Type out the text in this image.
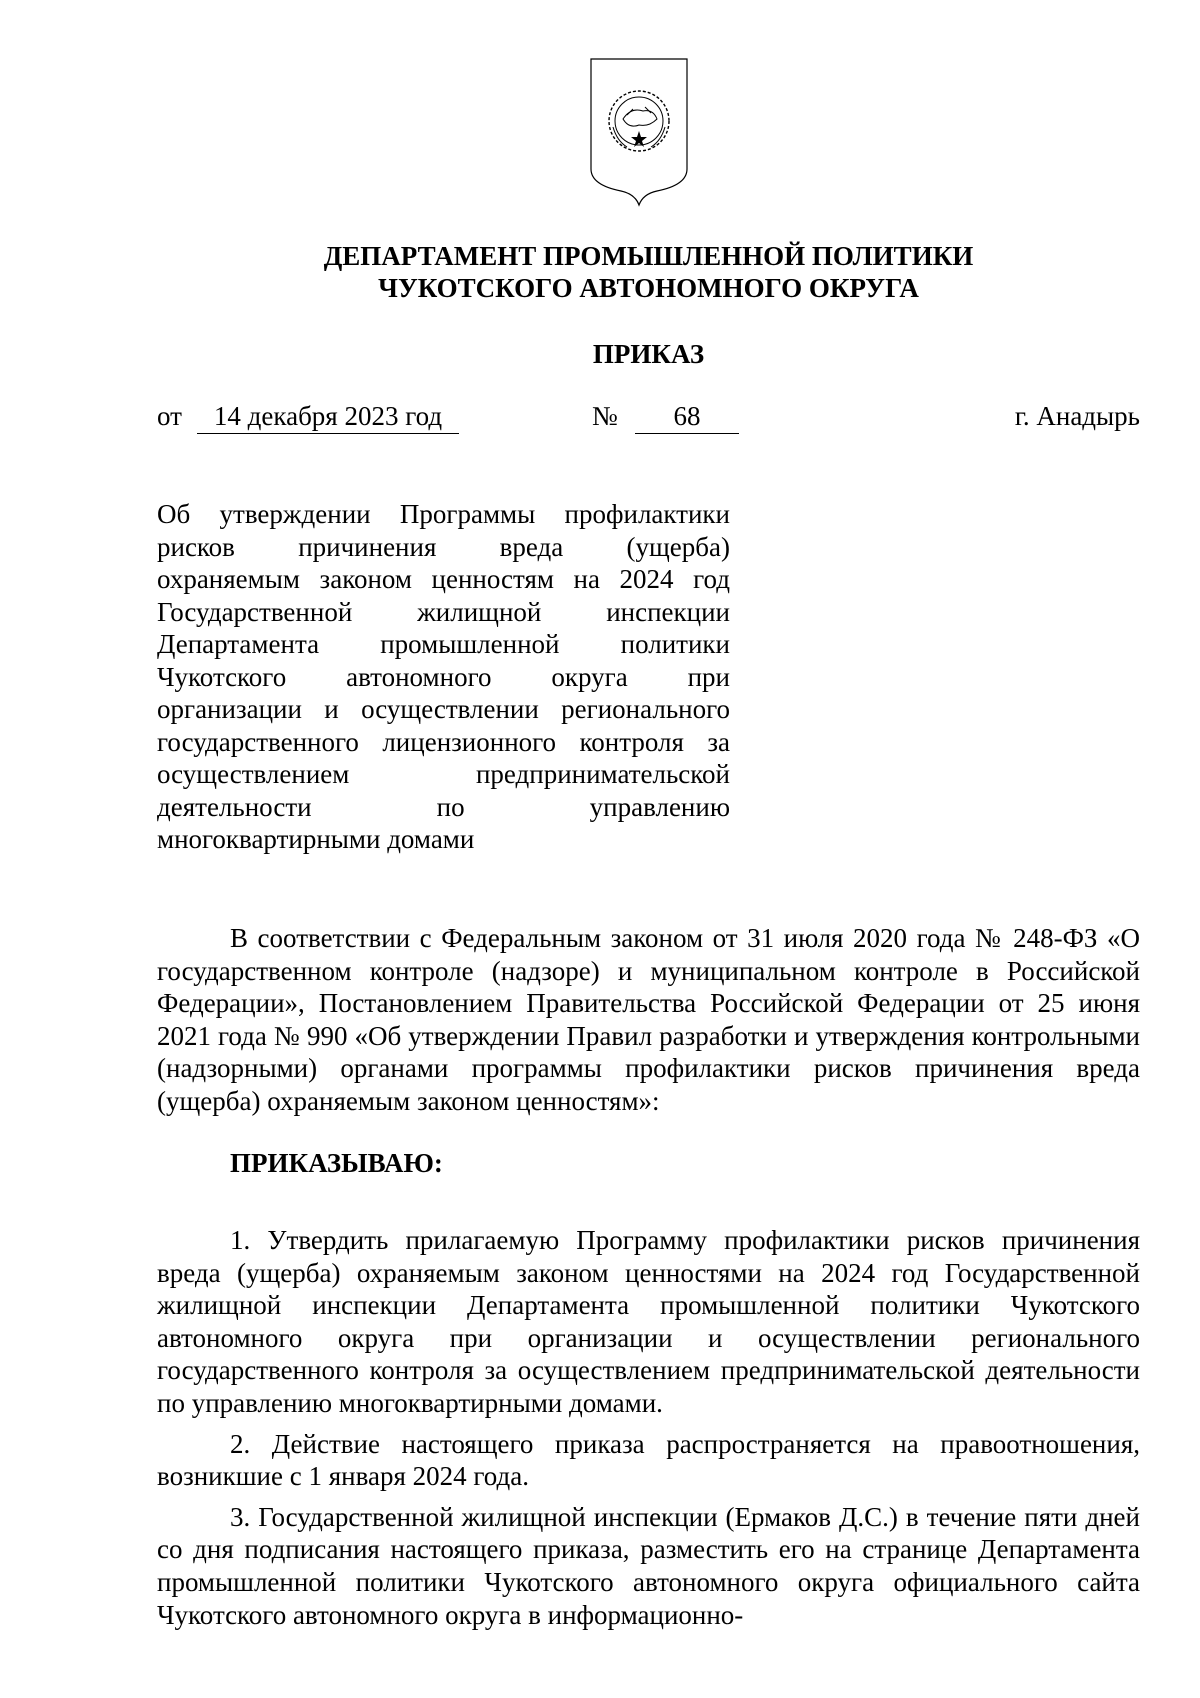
ДЕПАРТАМЕНТ ПРОМЫШЛЕННОЙ ПОЛИТИКИ
ЧУКОТСКОГО АВТОНОМНОГО ОКРУГА
ПРИКАЗ
от	14 декабря 2023 год	№	68	г. Анадырь
Об утверждении Программы профилактики
рисков причинения вреда (ущерба)
охраняемым законом ценностям на 2024 год
Государственной жилищной инспекции
Департамента промышленной политики
Чукотского автономного округа при
организации и осуществлении регионального
государственного лицензионного контроля за
осуществлением предпринимательской
деятельности по управлению
многоквартирными домами

В соответствии с Федеральным законом от 31 июля 2020 года № 248-ФЗ «О государственном контроле (надзоре) и муниципальном контроле в Российской Федерации», Постановлением Правительства Российской Федерации от 25 июня 2021 года № 990 «Об утверждении Правил разработки и утверждения контрольными (надзорными) органами программы профилактики рисков причинения вреда (ущерба) охраняемым законом ценностям»:

ПРИКАЗЫВАЮ:

1. Утвердить прилагаемую Программу профилактики рисков причинения вреда (ущерба) охраняемым законом ценностями на 2024 год Государственной жилищной инспекции Департамента промышленной политики Чукотского автономного округа при организации и осуществлении регионального государственного контроля за осуществлением предпринимательской деятельности по управлению многоквартирными домами.

2. Действие настоящего приказа распространяется на правоотношения, возникшие с 1 января 2024 года.

3. Государственной жилищной инспекции (Ермаков Д.С.) в течение пяти дней со дня подписания настоящего приказа, разместить его на странице Департамента промышленной политики Чукотского автономного округа официального сайта Чукотского автономного округа в информационно-
